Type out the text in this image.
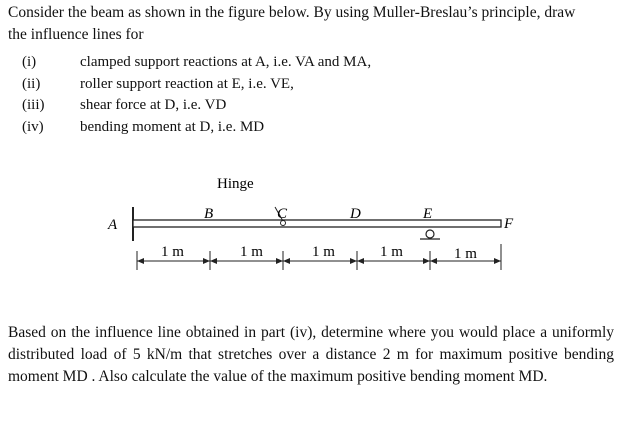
Consider the beam as shown in the figure below. By using Muller-Breslau’s principle, draw
the influence lines for
(i)	clamped support reactions at A, i.e. VA and MA,
(ii)	roller support reaction at E, i.e. VE,
(iii)	shear force at D, i.e. VD
(iv)	bending moment at D, i.e. MD
Hinge
A
B	C	D	E
F
1 m	1 m	1 m	1 m	1 m
Based on the influence line obtained in part (iv), determine where you would place a uniformly distributed load of 5 kN/m that stretches over a distance 2 m for maximum positive bending moment MD . Also calculate the value of the maximum positive bending moment MD.
